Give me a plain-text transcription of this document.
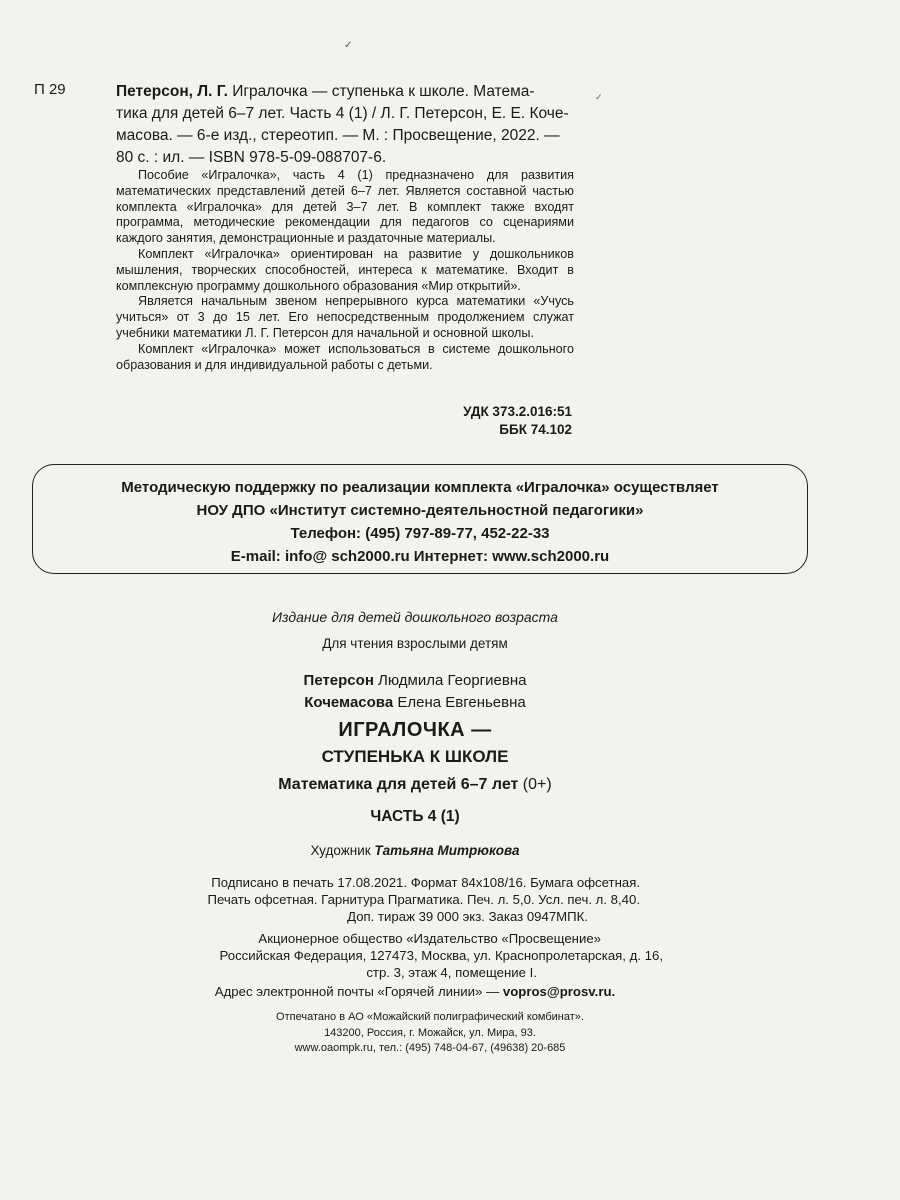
П 29	Петерсон, Л. Г. Игралочка — ступенька к школе. Матема-
тика для детей 6–7 лет. Часть 4 (1) / Л. Г. Петерсон, Е. Е. Коче-
масова. — 6-е изд., стереотип. — М. : Просвещение, 2022. —
80 с. : ил. — ISBN 978-5-09-088707-6.

Пособие «Игралочка», часть 4 (1) предназначено для развития математических представлений детей 6–7 лет. Является составной частью комплекта «Игралочка» для детей 3–7 лет. В комплект также входят программа, методические рекомендации для педагогов со сценариями каждого занятия, демонстрационные и раздаточные материалы.

Комплект «Игралочка» ориентирован на развитие у дошкольников мышления, творческих способностей, интереса к математике. Входит в комплексную программу дошкольного образования «Мир открытий».

Является начальным звеном непрерывного курса математики «Учусь учиться» от 3 до 15 лет. Его непосредственным продолжением служат учебники математики Л. Г. Петерсон для начальной и основной школы.

Комплект «Игралочка» может использоваться в системе дошкольного образования и для индивидуальной работы с детьми.

УДК 373.2.016:51
ББК 74.102
Методическую поддержку по реализации комплекта «Игралочка» осуществляет
НОУ ДПО «Институт системно-деятельностной педагогики»
Телефон: (495) 797-89-77, 452-22-33
E-mail: info@ sch2000.ru Интернет: www.sch2000.ru
Издание для детей дошкольного возраста
Для чтения взрослыми детям
Петерсон Людмила Георгиевна
Кочемасова Елена Евгеньевна
ИГРАЛОЧКА —
СТУПЕНЬКА К ШКОЛЕ
Математика для детей 6–7 лет (0+)
ЧАСТЬ 4 (1)
Художник Татьяна Митрюкова
Подписано в печать 17.08.2021. Формат 84х108/16. Бумага офсетная.
Печать офсетная. Гарнитура Прагматика. Печ. л. 5,0. Усл. печ. л. 8,40.
Доп. тираж 39 000 экз. Заказ 0947МПК.
Акционерное общество «Издательство «Просвещение»
Российская Федерация, 127473, Москва, ул. Краснопролетарская, д. 16,
стр. 3, этаж 4, помещение I.
Адрес электронной почты «Горячей линии» — vopros@prosv.ru.
Отпечатано в АО «Можайский полиграфический комбинат».
143200, Россия, г. Можайск, ул. Мира, 93.
www.oaompk.ru, тел.: (495) 748-04-67, (49638) 20-685
✓
✓
